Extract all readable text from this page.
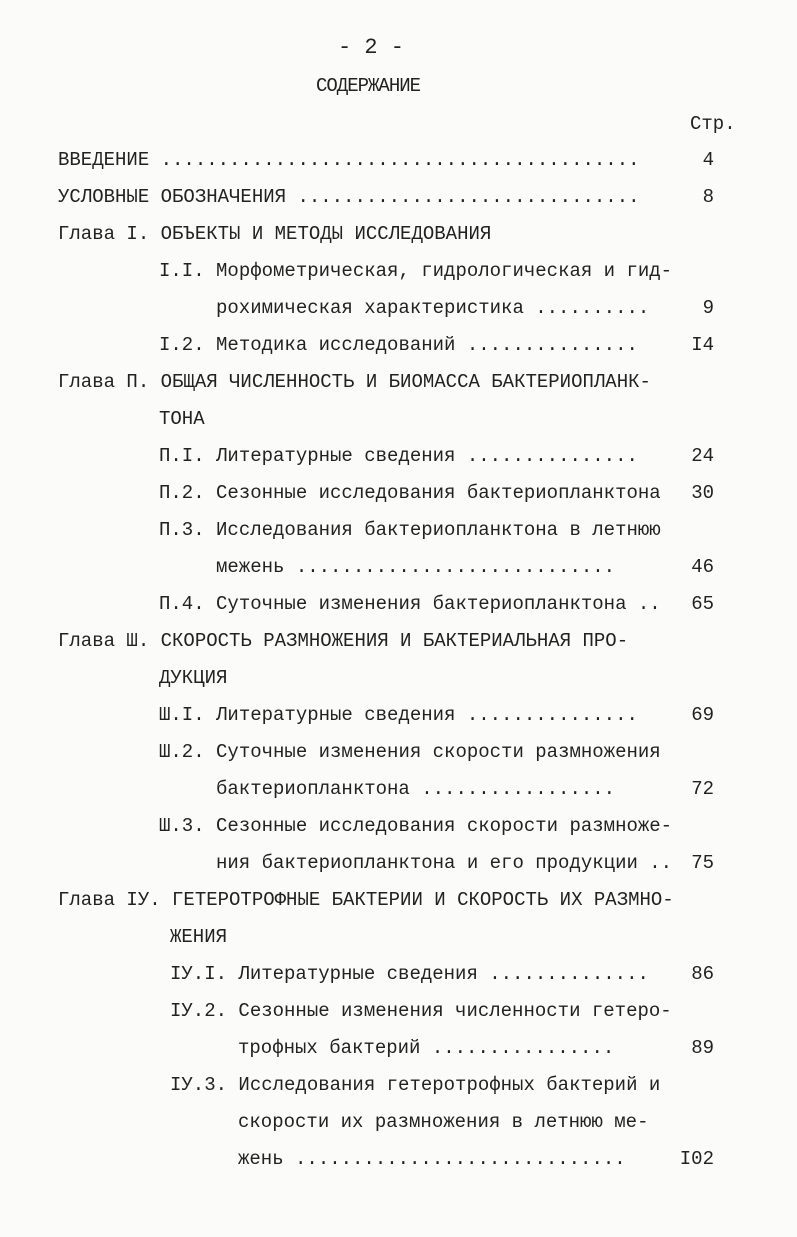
- 2 -
СОДЕРЖАНИЕ
Стр.
ВВЕДЕНИЕ ..........................................	4
УСЛОВНЫЕ ОБОЗНАЧЕНИЯ ..............................	8
Глава I. ОБЪЕКТЫ И МЕТОДЫ ИССЛЕДОВАНИЯ
I.I. Морфометрическая, гидрологическая и гид-
рохимическая характеристика ..........	9
I.2. Методика исследований ...............	I4
Глава П. ОБЩАЯ ЧИСЛЕННОСТЬ И БИОМАССА БАКТЕРИОПЛАНК-
ТОНА
П.I. Литературные сведения ...............	24
П.2. Сезонные исследования бактериопланктона	30
П.3. Исследования бактериопланктона в летнюю
межень ............................	46
П.4. Суточные изменения бактериопланктона ..	65
Глава Ш. СКОРОСТЬ РАЗМНОЖЕНИЯ И БАКТЕРИАЛЬНАЯ ПРО-
ДУКЦИЯ
Ш.I. Литературные сведения ...............	69
Ш.2. Суточные изменения скорости размножения
бактериопланктона .................	72
Ш.3. Сезонные исследования скорости размноже-
ния бактериопланктона и его продукции ..	75
Глава IУ. ГЕТЕРОТРОФНЫЕ БАКТЕРИИ И СКОРОСТЬ ИХ РАЗМНО-
ЖЕНИЯ
IУ.I. Литературные сведения ..............	86
IУ.2. Сезонные изменения численности гетеро-
трофных бактерий ................	89
IУ.3. Исследования гетеротрофных бактерий и
скорости их размножения в летнюю ме-
жень .............................	I02
